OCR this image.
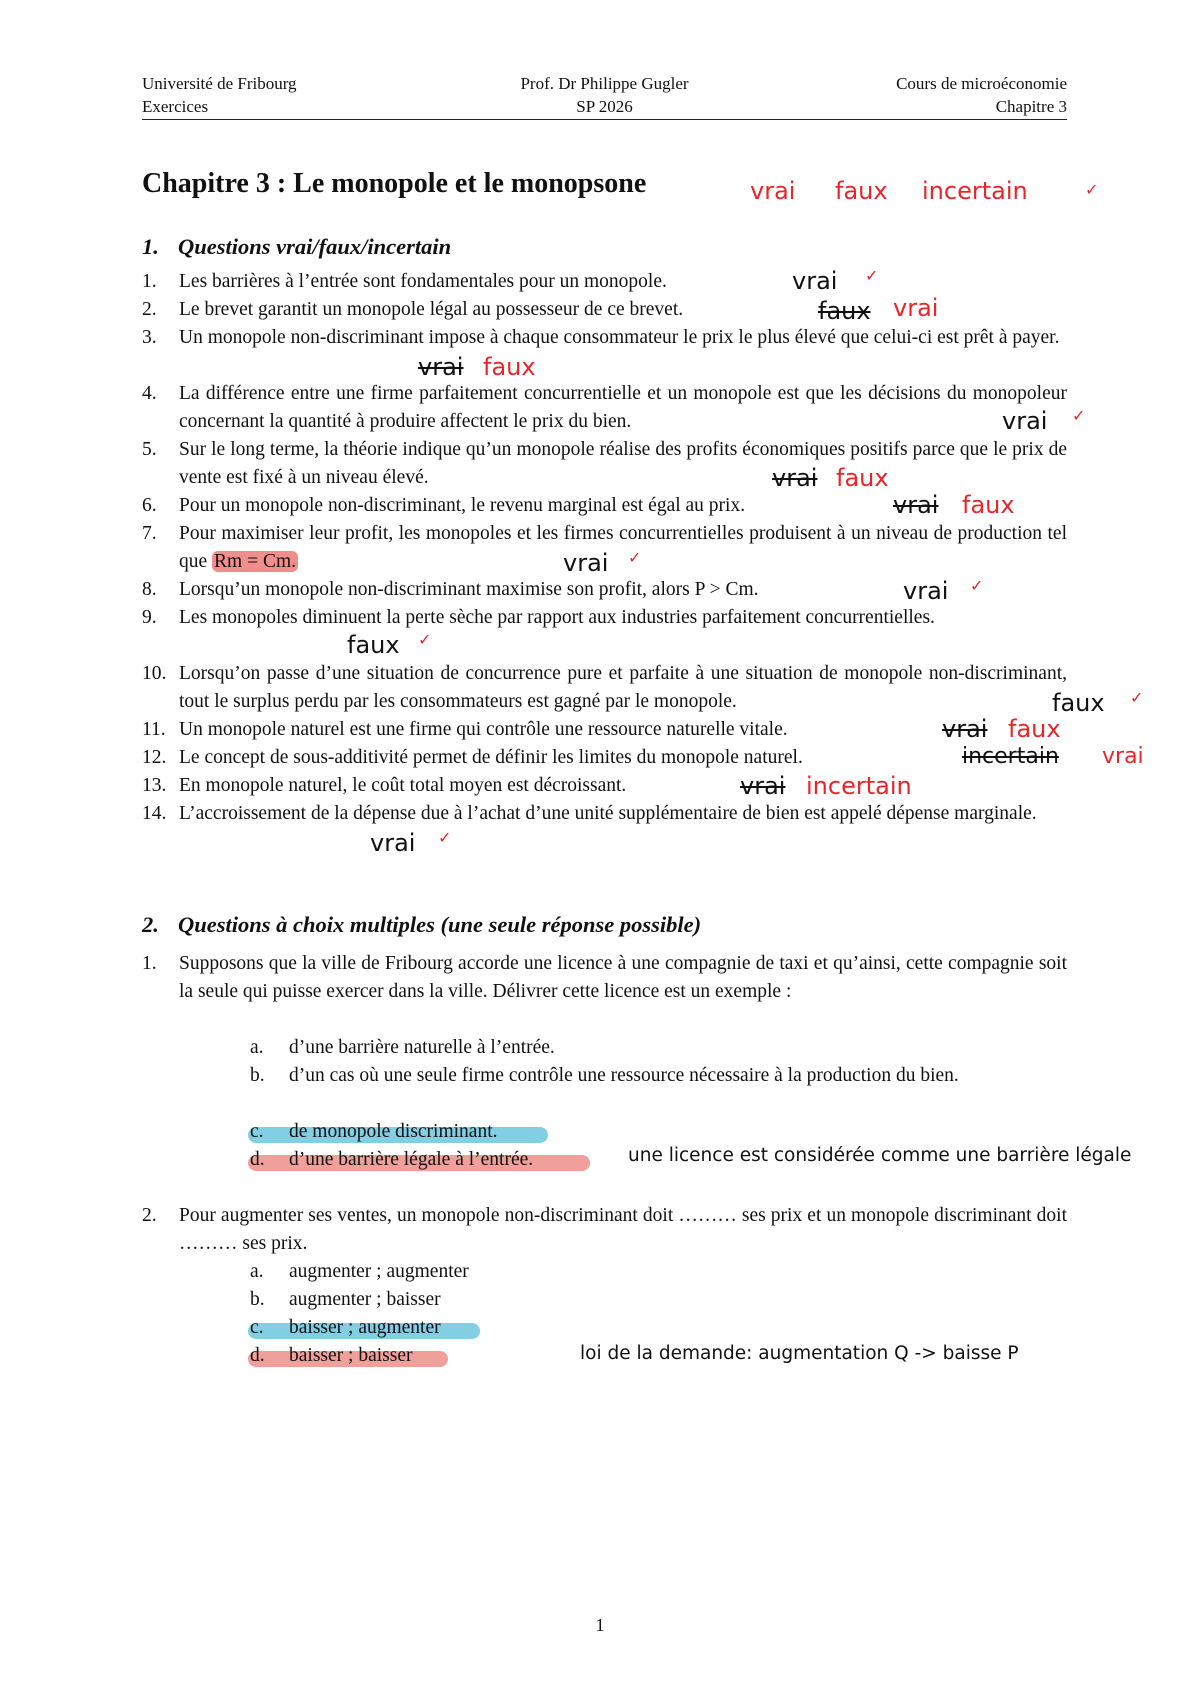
Université de Fribourg	Prof. Dr Philippe Gugler	Cours de microéconomie
Exercices	SP 2026	Chapitre 3
Chapitre 3 : Le monopole et le monopsone	vrai faux incertain	✓
1. Questions vrai/faux/incertain
1.	Les barrières à l’entrée sont fondamentales pour un monopole.
2.	Le brevet garantit un monopole légal au possesseur de ce brevet.
3.	Un monopole non-discriminant impose à chaque consommateur le prix le plus élevé que celui-ci est prêt à payer.
4.	La différence entre une firme parfaitement concurrentielle et un monopole est que les décisions du monopoleur concernant la quantité à produire affectent le prix du bien.
5.	Sur le long terme, la théorie indique qu’un monopole réalise des profits économiques positifs parce que le prix de vente est fixé à un niveau élevé.
6.	Pour un monopole non-discriminant, le revenu marginal est égal au prix.
7.	Pour maximiser leur profit, les monopoles et les firmes concurrentielles produisent à un niveau de production tel que Rm = Cm.
8.	Lorsqu’un monopole non-discriminant maximise son profit, alors P > Cm.
9.	Les monopoles diminuent la perte sèche par rapport aux industries parfaitement concurrentielles.
10. Lorsqu’on passe d’une situation de concurrence pure et parfaite à une situation de monopole non-discriminant, tout le surplus perdu par les consommateurs est gagné par le monopole.
11. Un monopole naturel est une firme qui contrôle une ressource naturelle vitale.
12. Le concept de sous-additivité permet de définir les limites du monopole naturel.
13. En monopole naturel, le coût total moyen est décroissant.
14. L’accroissement de la dépense due à l’achat d’une unité supplémentaire de bien est appelé dépense marginale.
vrai ✓
faux vrai
vrai faux
vrai ✓
vrai faux
vrai faux
vrai ✓
vrai ✓
faux ✓
faux ✓
vrai faux
incertain vrai
vrai incertain
vrai ✓
2. Questions à choix multiples (une seule réponse possible)
1.	Supposons que la ville de Fribourg accorde une licence à une compagnie de taxi et qu’ainsi, cette compagnie soit la seule qui puisse exercer dans la ville. Délivrer cette licence est un exemple :
a. d’une barrière naturelle à l’entrée.
b. d’un cas où une seule firme contrôle une ressource nécessaire à la production du bien.
c. de monopole discriminant.
d. d’une barrière légale à l’entrée.	une licence est considérée comme une barrière légale
2.	Pour augmenter ses ventes, un monopole non-discriminant doit ……… ses prix et un monopole discriminant doit ……… ses prix.
a. augmenter ; augmenter
b. augmenter ; baisser
c. baisser ; augmenter
d. baisser ; baisser	loi de la demande: augmentation Q -> baisse P
1
